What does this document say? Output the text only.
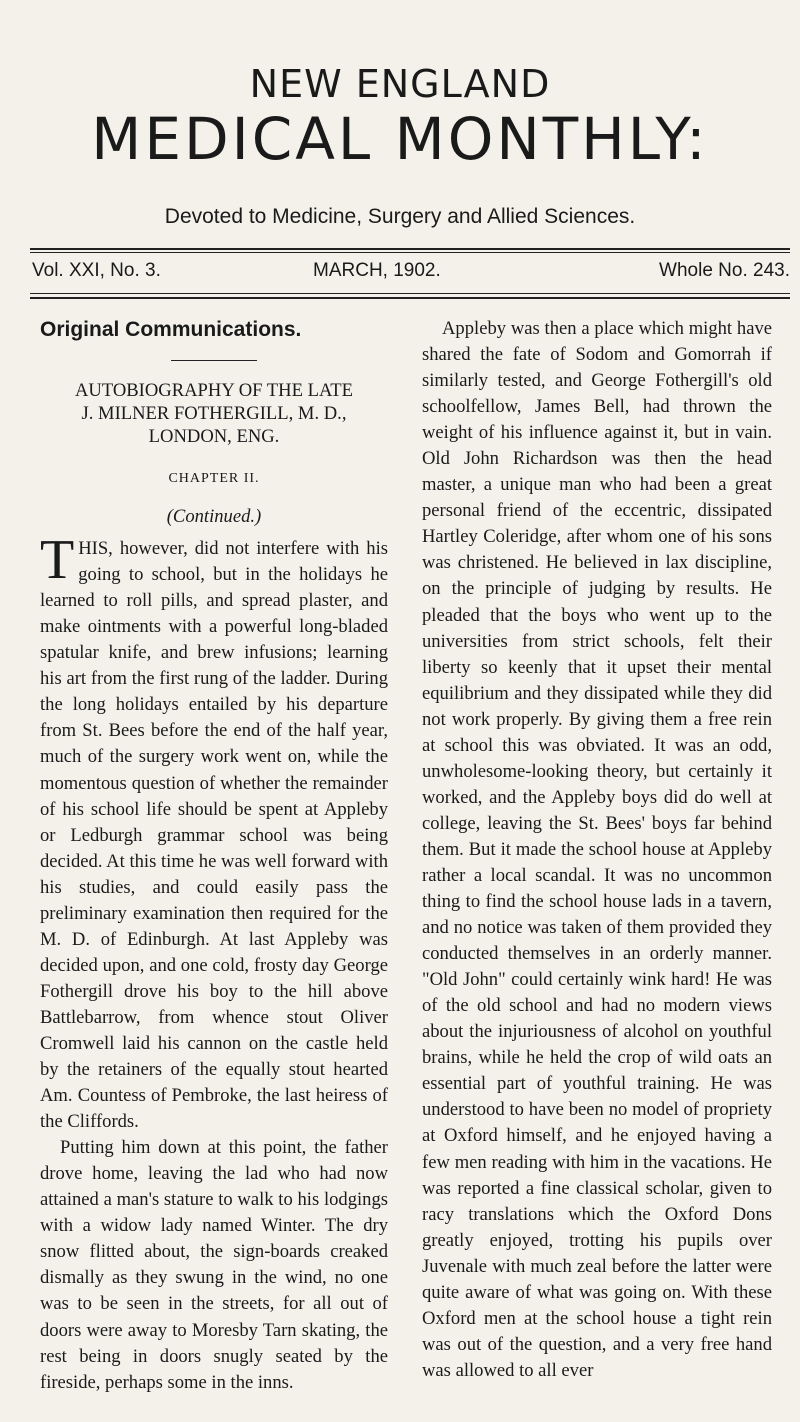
NEW ENGLAND
MEDICAL MONTHLY:
Devoted to Medicine, Surgery and Allied Sciences.
Vol. XXI, No. 3.	MARCH, 1902.	Whole No. 243.
Original Communications.
AUTOBIOGRAPHY OF THE LATE
J. MILNER FOTHERGILL, M. D.,
LONDON, ENG.
CHAPTER II.
(Continued.)

THIS, however, did not interfere with his going to school, but in the holidays he learned to roll pills, and spread plaster, and make ointments with a powerful long-bladed spatular knife, and brew infusions; learning his art from the first rung of the ladder. During the long holidays entailed by his departure from St. Bees before the end of the half year, much of the surgery work went on, while the momentous question of whether the remainder of his school life should be spent at Appleby or Ledburgh grammar school was being decided. At this time he was well forward with his studies, and could easily pass the preliminary examination then required for the M. D. of Edinburgh. At last Appleby was decided upon, and one cold, frosty day George Fothergill drove his boy to the hill above Battlebarrow, from whence stout Oliver Cromwell laid his cannon on the castle held by the retainers of the equally stout hearted Am. Countess of Pembroke, the last heiress of the Cliffords.

Putting him down at this point, the father drove home, leaving the lad who had now attained a man's stature to walk to his lodgings with a widow lady named Winter. The dry snow flitted about, the sign-boards creaked dismally as they swung in the wind, no one was to be seen in the streets, for all out of doors were away to Moresby Tarn skating, the rest being in doors snugly seated by the fireside, perhaps some in the inns.

Appleby was then a place which might have shared the fate of Sodom and Gomorrah if similarly tested, and George Fothergill's old schoolfellow, James Bell, had thrown the weight of his influence against it, but in vain. Old John Richardson was then the head master, a unique man who had been a great personal friend of the eccentric, dissipated Hartley Coleridge, after whom one of his sons was christened. He believed in lax discipline, on the principle of judging by results. He pleaded that the boys who went up to the universities from strict schools, felt their liberty so keenly that it upset their mental equilibrium and they dissipated while they did not work properly. By giving them a free rein at school this was obviated. It was an odd, unwholesome-looking theory, but certainly it worked, and the Appleby boys did do well at college, leaving the St. Bees' boys far behind them. But it made the school house at Appleby rather a local scandal. It was no uncommon thing to find the school house lads in a tavern, and no notice was taken of them provided they conducted themselves in an orderly manner. "Old John" could certainly wink hard! He was of the old school and had no modern views about the injuriousness of alcohol on youthful brains, while he held the crop of wild oats an essential part of youthful training. He was understood to have been no model of propriety at Oxford himself, and he enjoyed having a few men reading with him in the vacations. He was reported a fine classical scholar, given to racy translations which the Oxford Dons greatly enjoyed, trotting his pupils over Juvenale with much zeal before the latter were quite aware of what was going on. With these Oxford men at the school house a tight rein was out of the question, and a very free hand was allowed to all ever
